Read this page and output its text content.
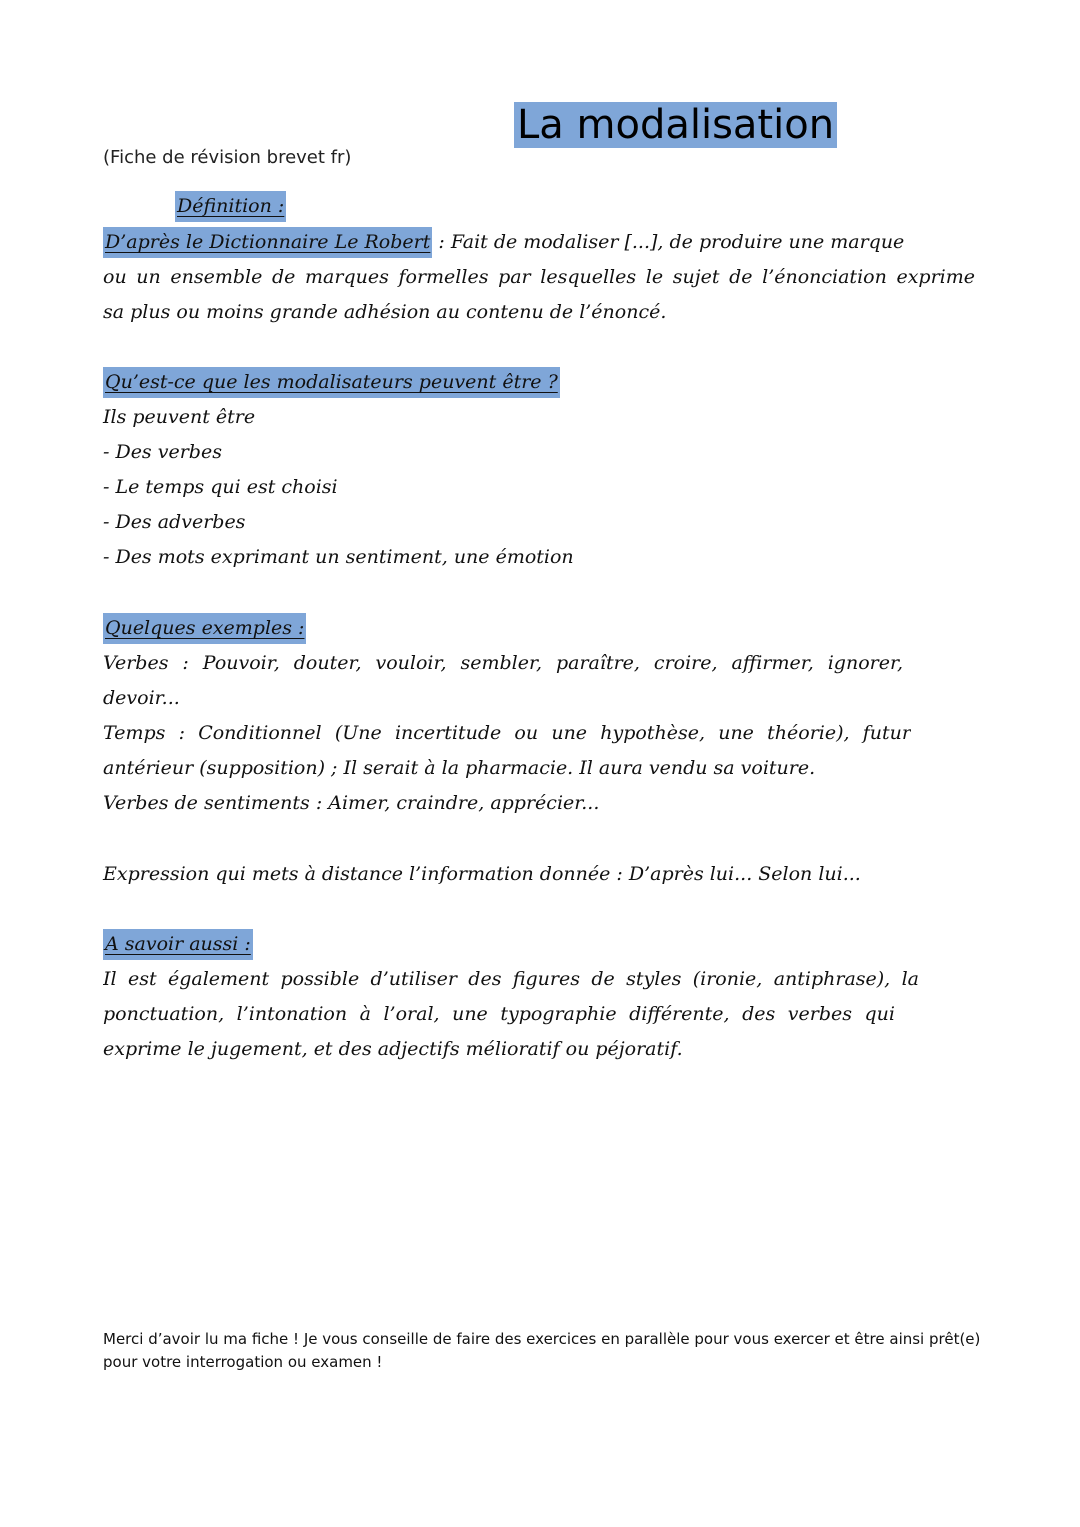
La modalisation
(Fiche de révision brevet fr)
Définition :
D’après le Dictionnaire Le Robert : Fait de modaliser [...], de produire une marque
ou un ensemble de marques formelles par lesquelles le sujet de l’énonciation exprime
sa plus ou moins grande adhésion au contenu de l’énoncé.
Qu’est-ce que les modalisateurs peuvent être ?
Ils peuvent être
- Des verbes
- Le temps qui est choisi
- Des adverbes
- Des mots exprimant un sentiment, une émotion
Quelques exemples :
Verbes : Pouvoir, douter, vouloir, sembler, paraître, croire, affirmer, ignorer,
devoir...
Temps : Conditionnel (Une incertitude ou une hypothèse, une théorie), futur
antérieur (supposition) ; Il serait à la pharmacie. Il aura vendu sa voiture.
Verbes de sentiments : Aimer, craindre, apprécier...
Expression qui mets à distance l’information donnée : D’après lui... Selon lui...
A savoir aussi :
Il est également possible d’utiliser des figures de styles (ironie, antiphrase), la
ponctuation, l’intonation à l’oral, une typographie différente, des verbes qui
exprime le jugement, et des adjectifs mélioratif ou péjoratif.
Merci d’avoir lu ma fiche ! Je vous conseille de faire des exercices en parallèle pour vous exercer et être ainsi prêt(e) pour votre interrogation ou examen !
